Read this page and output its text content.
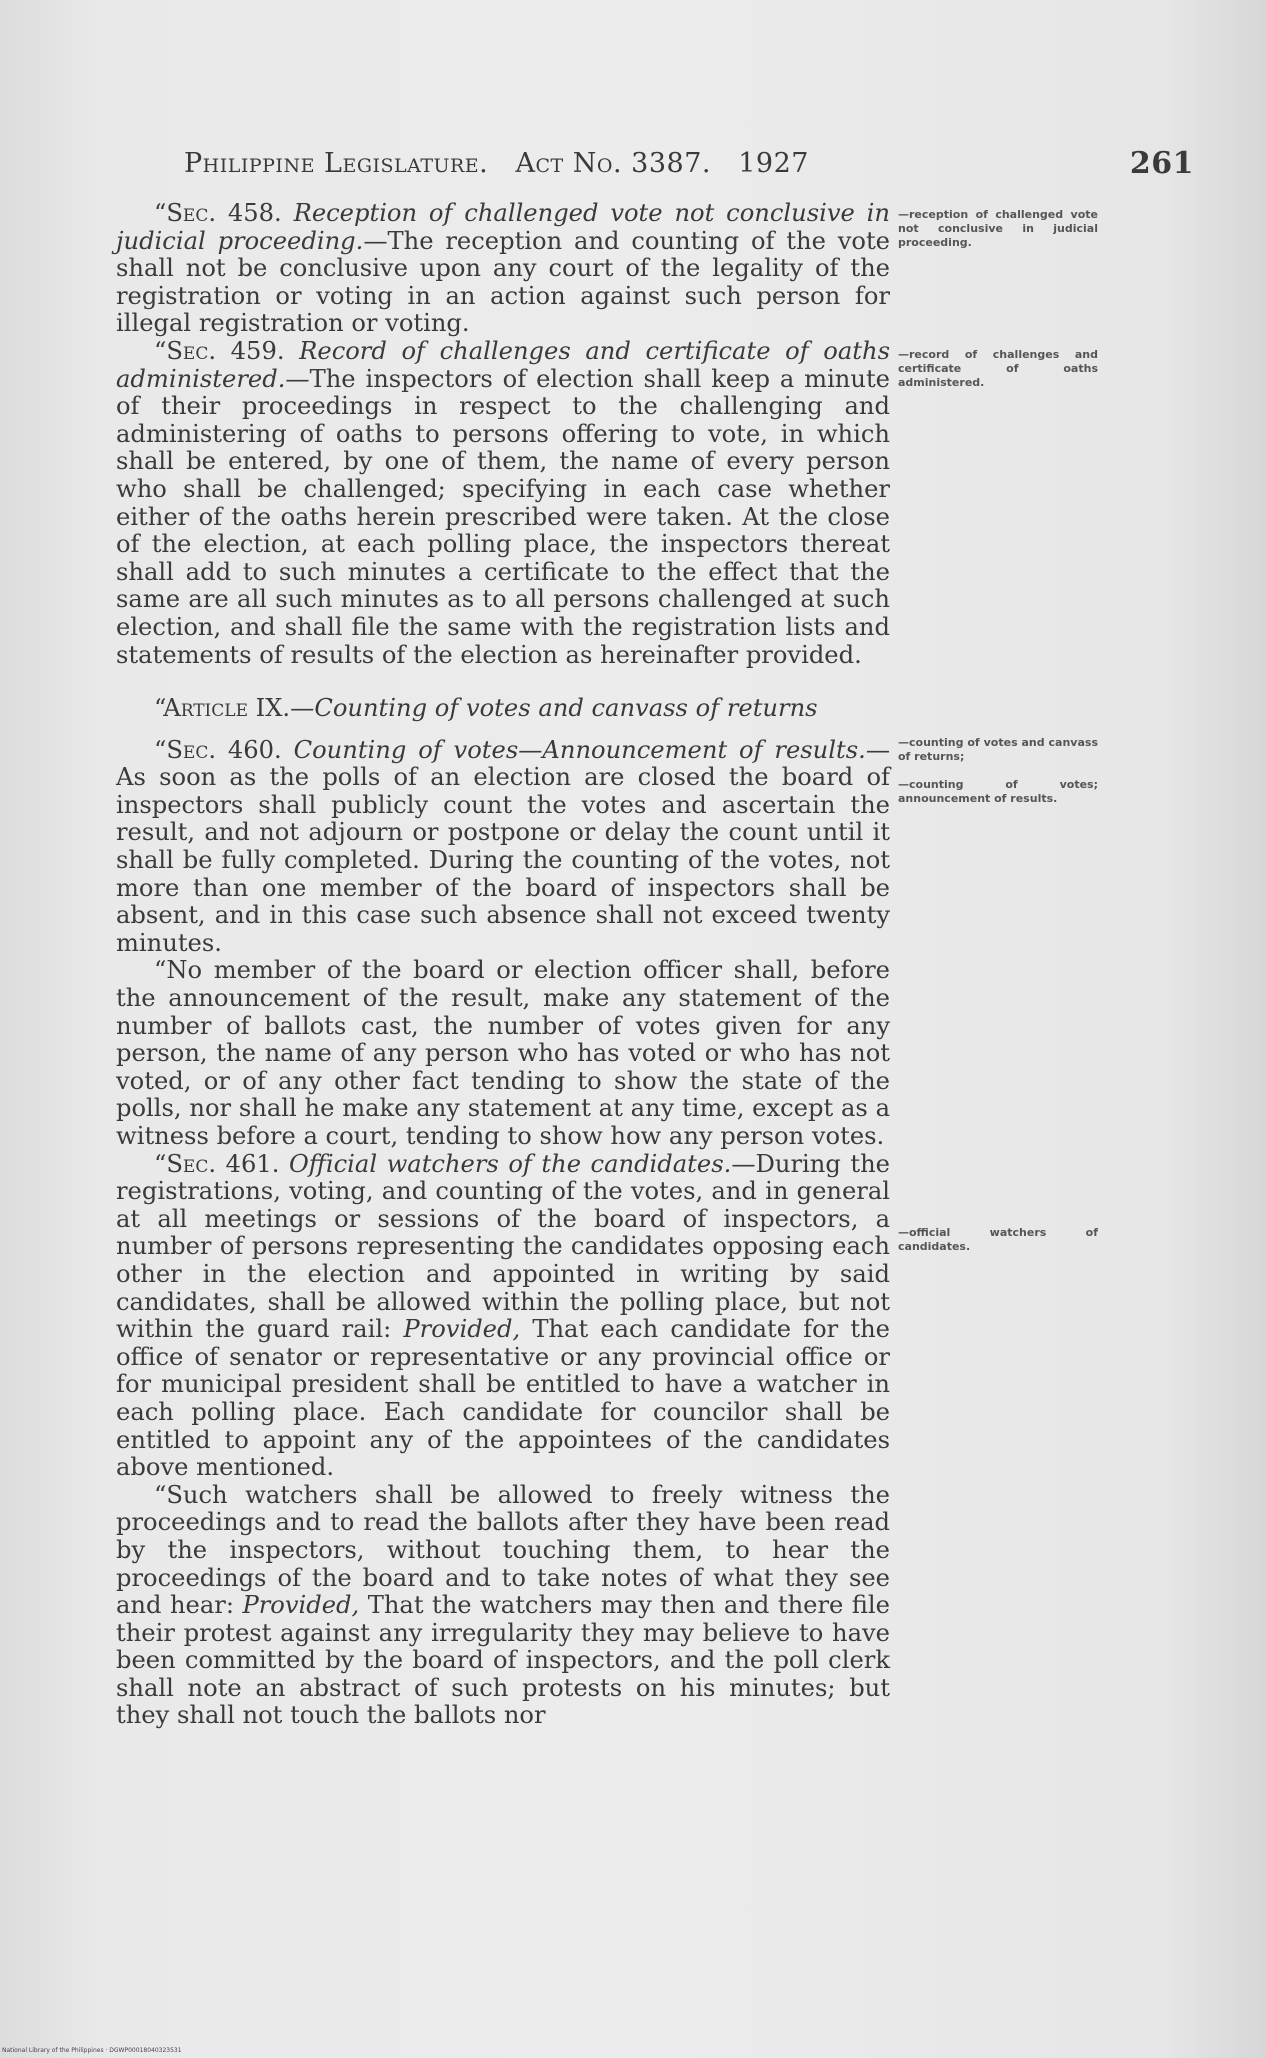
Philippine Legislature. Act No. 3387. 1927	261

“Sec. 458. Reception of challenged vote not conclusive in judicial proceeding.—The reception and counting of the vote shall not be conclusive upon any court of the legality of the registration or voting in an action against such person for illegal registration or voting.

“Sec. 459. Record of challenges and certificate of oaths administered.—The inspectors of election shall keep a minute of their proceedings in respect to the challenging and administering of oaths to persons offering to vote, in which shall be entered, by one of them, the name of every person who shall be challenged; specifying in each case whether either of the oaths herein prescribed were taken. At the close of the election, at each polling place, the inspectors thereat shall add to such minutes a certificate to the effect that the same are all such minutes as to all persons challenged at such election, and shall file the same with the registration lists and statements of results of the election as hereinafter provided.

“Article IX.—Counting of votes and canvass of returns

“Sec. 460. Counting of votes—Announcement of results.—As soon as the polls of an election are closed the board of inspectors shall publicly count the votes and ascertain the result, and not adjourn or postpone or delay the count until it shall be fully completed. During the counting of the votes, not more than one member of the board of inspectors shall be absent, and in this case such absence shall not exceed twenty minutes.

“No member of the board or election officer shall, before the announcement of the result, make any statement of the number of ballots cast, the number of votes given for any person, the name of any person who has voted or who has not voted, or of any other fact tending to show the state of the polls, nor shall he make any statement at any time, except as a witness before a court, tending to show how any person votes.

“Sec. 461. Official watchers of the candidates.—During the registrations, voting, and counting of the votes, and in general at all meetings or sessions of the board of inspectors, a number of persons representing the candidates opposing each other in the election and appointed in writing by said candidates, shall be allowed within the polling place, but not within the guard rail: Provided, That each candidate for the office of senator or representative or any provincial office or for municipal president shall be entitled to have a watcher in each polling place. Each candidate for councilor shall be entitled to appoint any of the appointees of the candidates above mentioned.

“Such watchers shall be allowed to freely witness the proceedings and to read the ballots after they have been read by the inspectors, without touching them, to hear the proceedings of the board and to take notes of what they see and hear: Provided, That the watchers may then and there file their protest against any irregularity they may believe to have been committed by the board of inspectors, and the poll clerk shall note an abstract of such protests on his minutes; but they shall not touch the ballots nor

—reception of challenged vote not conclusive in judicial proceeding.
—record of challenges and certificate of oaths administered.
—counting of votes and canvass of returns;
—counting of votes; announcement of results.
—official watchers of candidates.
National Library of the Philippines · DGWP00018040323531
